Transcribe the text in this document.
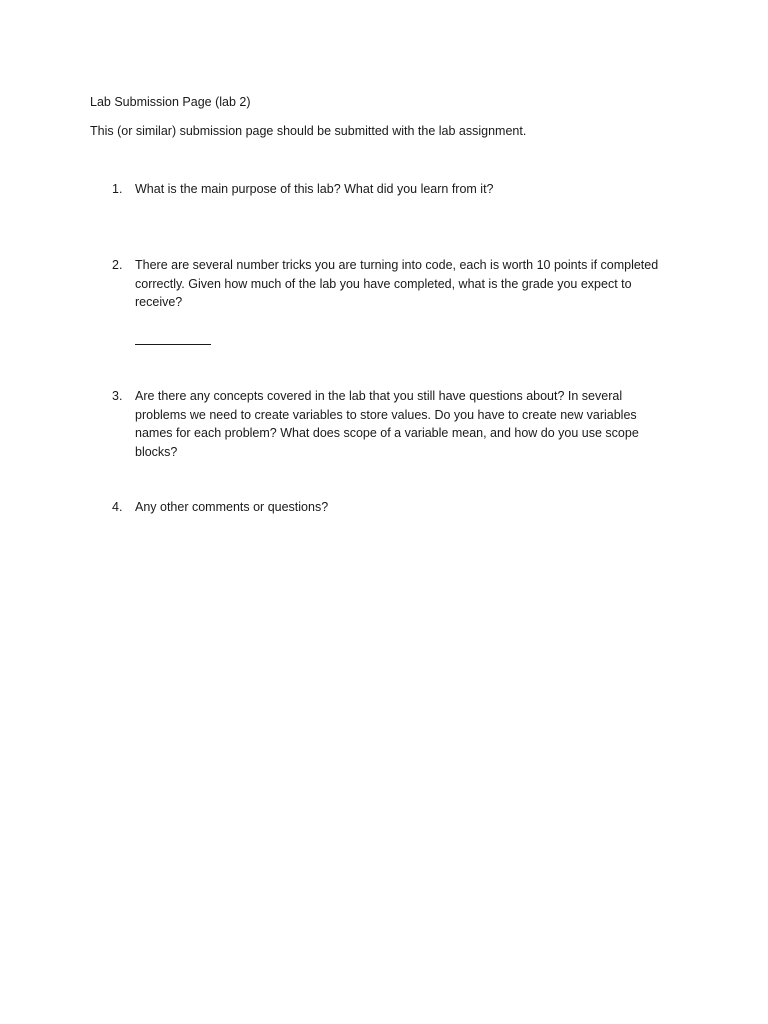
Lab Submission Page (lab 2)
This (or similar) submission page should be submitted with the lab assignment.
1. What is the main purpose of this lab? What did you learn from it?
2. There are several number tricks you are turning into code, each is worth 10 points if completed
correctly. Given how much of the lab you have completed, what is the grade you expect to
receive?
3. Are there any concepts covered in the lab that you still have questions about? In several
problems we need to create variables to store values. Do you have to create new variables
names for each problem? What does scope of a variable mean, and how do you use scope
blocks?
4. Any other comments or questions?
